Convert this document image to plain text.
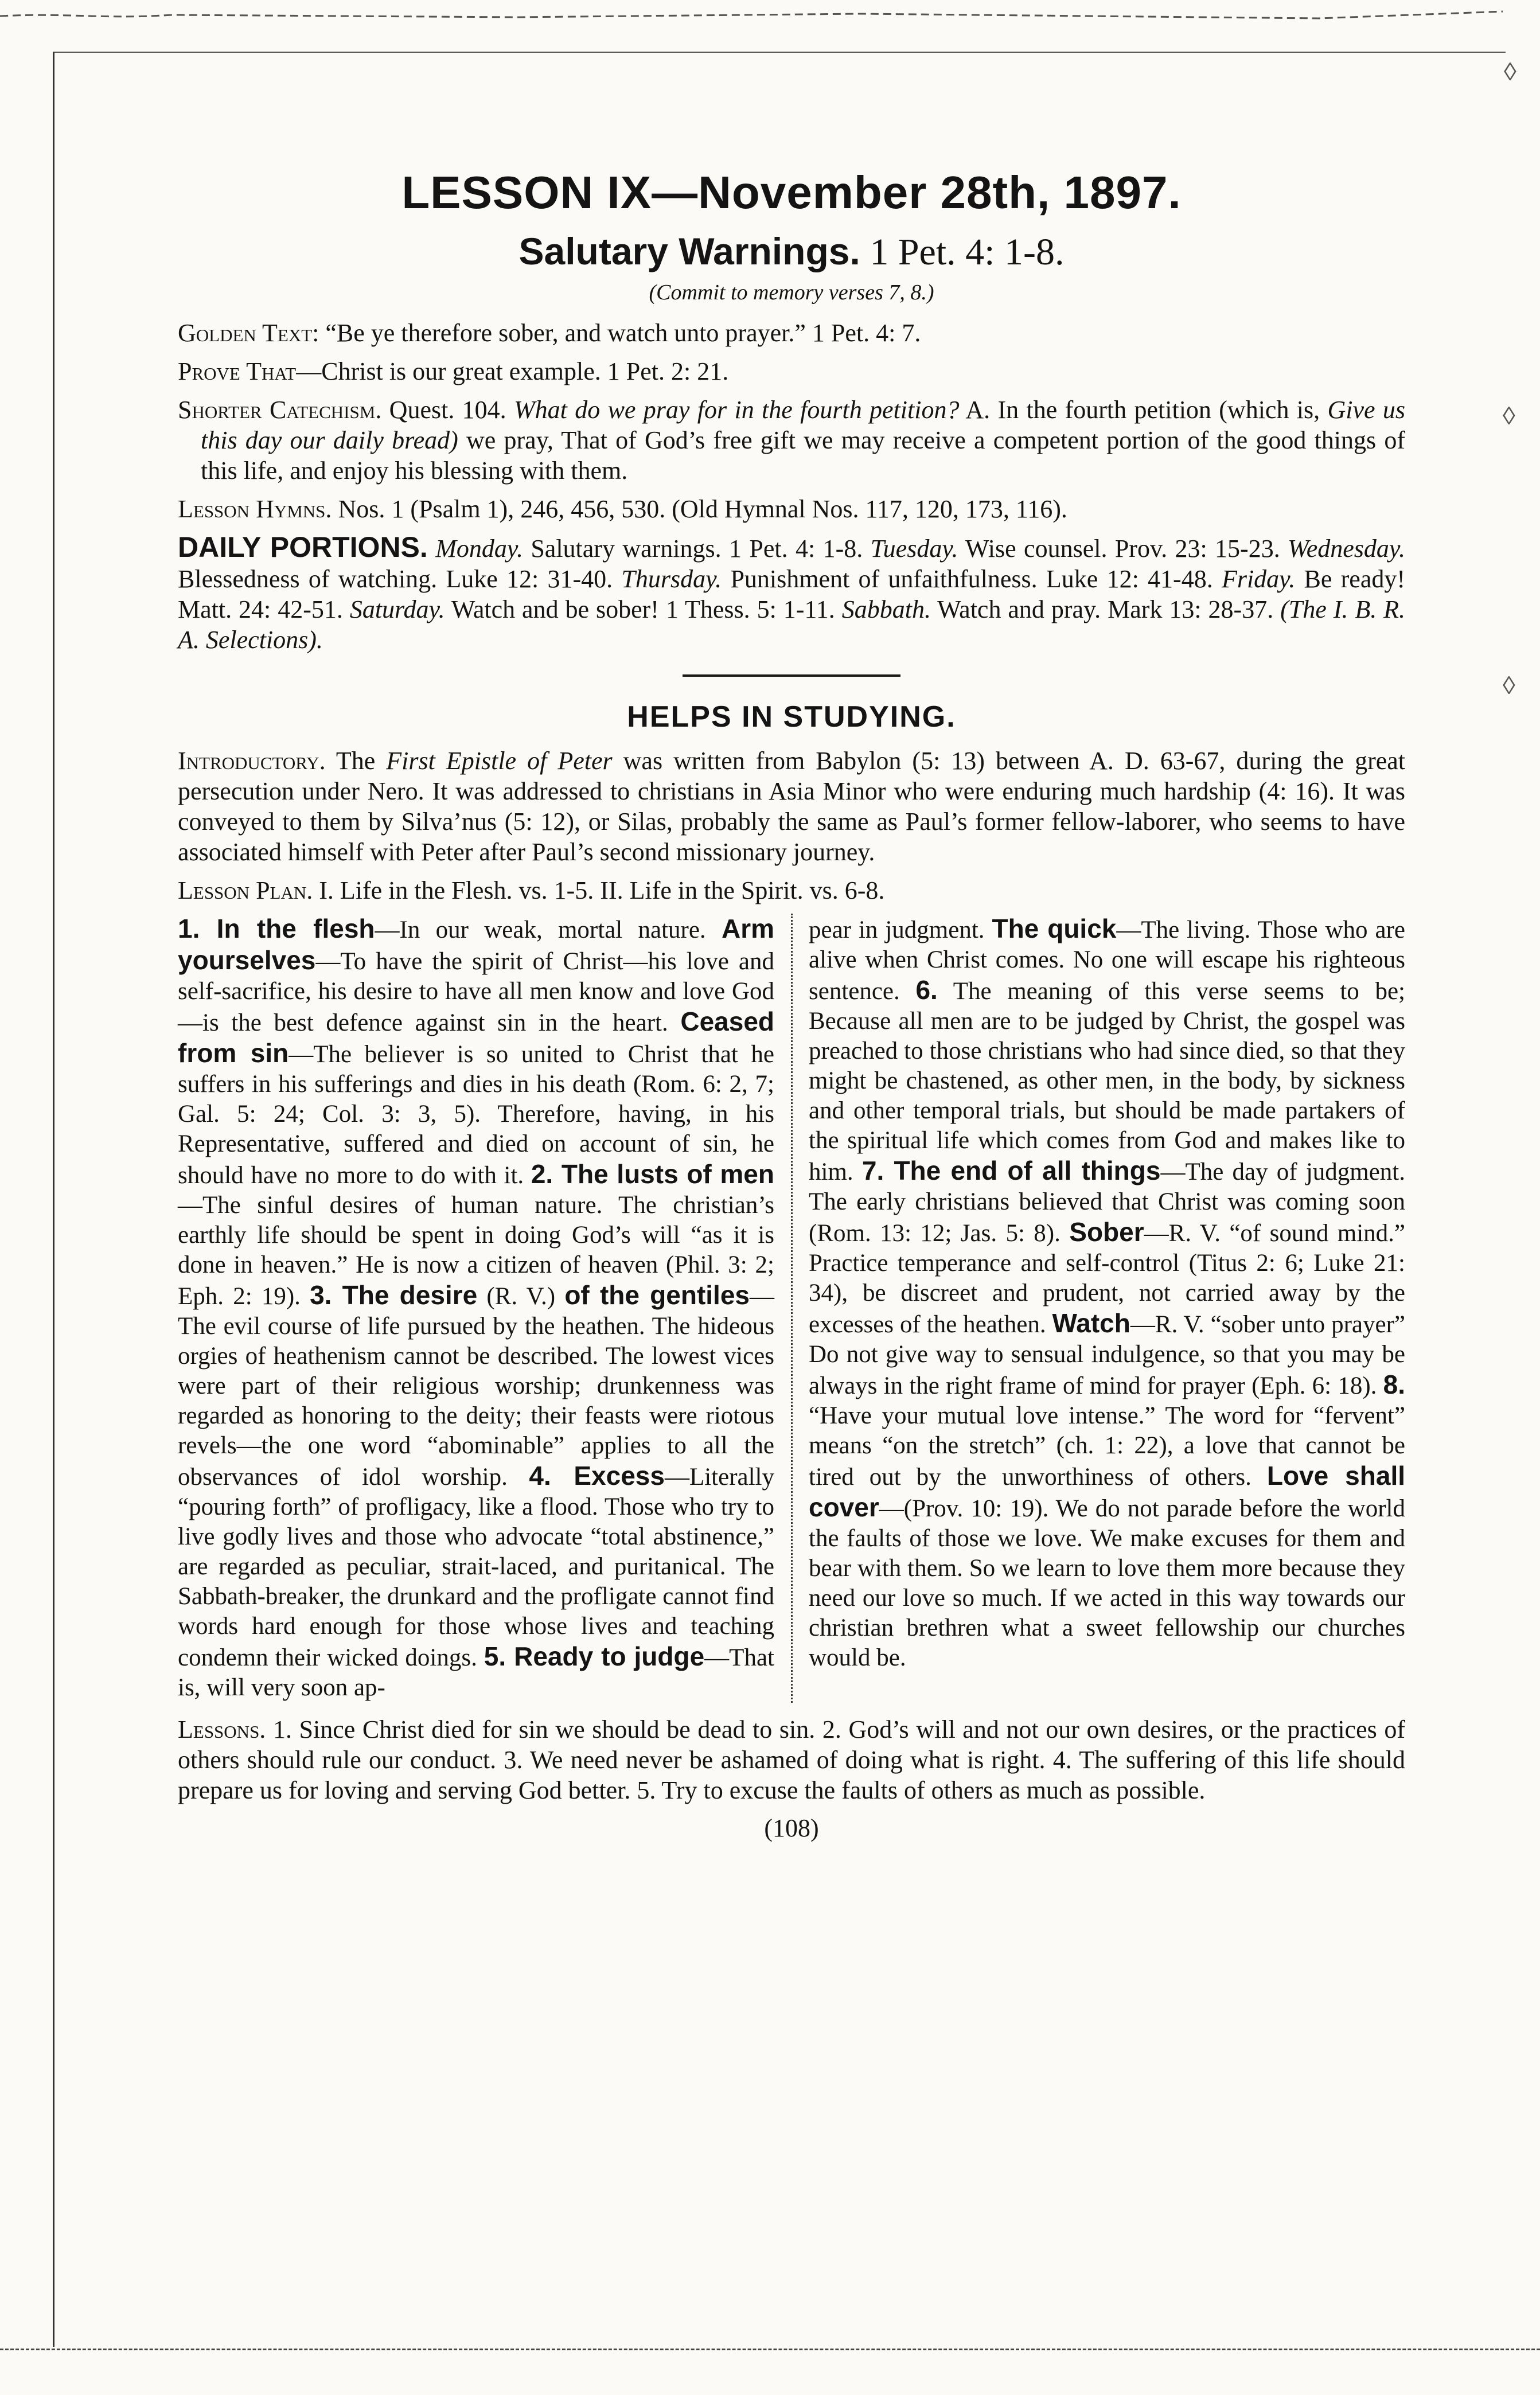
◊
◊
◊
LESSON IX—November 28th, 1897.
Salutary Warnings. 1 Pet. 4: 1-8.
(Commit to memory verses 7, 8.)

Golden Text: “Be ye therefore sober, and watch unto prayer.” 1 Pet. 4: 7.

Prove That—Christ is our great example. 1 Pet. 2: 21.

Shorter Catechism. Quest. 104. What do we pray for in the fourth petition? A. In the fourth petition (which is, Give us this day our daily bread) we pray, That of God’s free gift we may receive a competent portion of the good things of this life, and enjoy his blessing with them.

Lesson Hymns. Nos. 1 (Psalm 1), 246, 456, 530. (Old Hymnal Nos. 117, 120, 173, 116).

DAILY PORTIONS. Monday. Salutary warnings. 1 Pet. 4: 1-8. Tuesday. Wise counsel. Prov. 23: 15-23. Wednesday. Blessedness of watching. Luke 12: 31-40. Thursday. Punishment of unfaithfulness. Luke 12: 41-48. Friday. Be ready! Matt. 24: 42-51. Saturday. Watch and be sober! 1 Thess. 5: 1-11. Sabbath. Watch and pray. Mark 13: 28-37. (The I. B. R. A. Selections).

HELPS IN STUDYING.

Introductory. The First Epistle of Peter was written from Babylon (5: 13) between A. D. 63-67, during the great persecution under Nero. It was addressed to christians in Asia Minor who were enduring much hardship (4: 16). It was conveyed to them by Silva’nus (5: 12), or Silas, probably the same as Paul’s former fellow-laborer, who seems to have associated himself with Peter after Paul’s second missionary journey.

Lesson Plan. I. Life in the Flesh. vs. 1-5. II. Life in the Spirit. vs. 6-8.

1. In the flesh—In our weak, mortal nature. Arm yourselves—To have the spirit of Christ—his love and self-sacrifice, his desire to have all men know and love God—is the best defence against sin in the heart. Ceased from sin—The believer is so united to Christ that he suffers in his sufferings and dies in his death (Rom. 6: 2, 7; Gal. 5: 24; Col. 3: 3, 5). Therefore, having, in his Representative, suffered and died on account of sin, he should have no more to do with it. 2. The lusts of men—The sinful desires of human nature. The christian’s earthly life should be spent in doing God’s will “as it is done in heaven.” He is now a citizen of heaven (Phil. 3: 2; Eph. 2: 19). 3. The desire (R. V.) of the gentiles—The evil course of life pursued by the heathen. The hideous orgies of heathenism cannot be described. The lowest vices were part of their religious worship; drunkenness was regarded as honoring to the deity; their feasts were riotous revels—the one word “abominable” applies to all the observances of idol worship. 4. Excess—Literally “pouring forth” of profligacy, like a flood. Those who try to live godly lives and those who advocate “total abstinence,” are regarded as peculiar, strait-laced, and puritanical. The Sabbath-breaker, the drunkard and the profligate cannot find words hard enough for those whose lives and teaching condemn their wicked doings. 5. Ready to judge—That is, will very soon ap-
pear in judgment. The quick—The living. Those who are alive when Christ comes. No one will escape his righteous sentence. 6. The meaning of this verse seems to be; Because all men are to be judged by Christ, the gospel was preached to those christians who had since died, so that they might be chastened, as other men, in the body, by sickness and other temporal trials, but should be made partakers of the spiritual life which comes from God and makes like to him. 7. The end of all things—The day of judgment. The early christians believed that Christ was coming soon (Rom. 13: 12; Jas. 5: 8). Sober—R. V. “of sound mind.” Practice temperance and self-control (Titus 2: 6; Luke 21: 34), be discreet and prudent, not carried away by the excesses of the heathen. Watch—R. V. “sober unto prayer” Do not give way to sensual indulgence, so that you may be always in the right frame of mind for prayer (Eph. 6: 18). 8. “Have your mutual love intense.” The word for “fervent” means “on the stretch” (ch. 1: 22), a love that cannot be tired out by the unworthiness of others. Love shall cover—(Prov. 10: 19). We do not parade before the world the faults of those we love. We make excuses for them and bear with them. So we learn to love them more because they need our love so much. If we acted in this way towards our christian brethren what a sweet fellowship our churches would be.

Lessons. 1. Since Christ died for sin we should be dead to sin. 2. God’s will and not our own desires, or the practices of others should rule our conduct. 3. We need never be ashamed of doing what is right. 4. The suffering of this life should prepare us for loving and serving God better. 5. Try to excuse the faults of others as much as possible.

(108)
